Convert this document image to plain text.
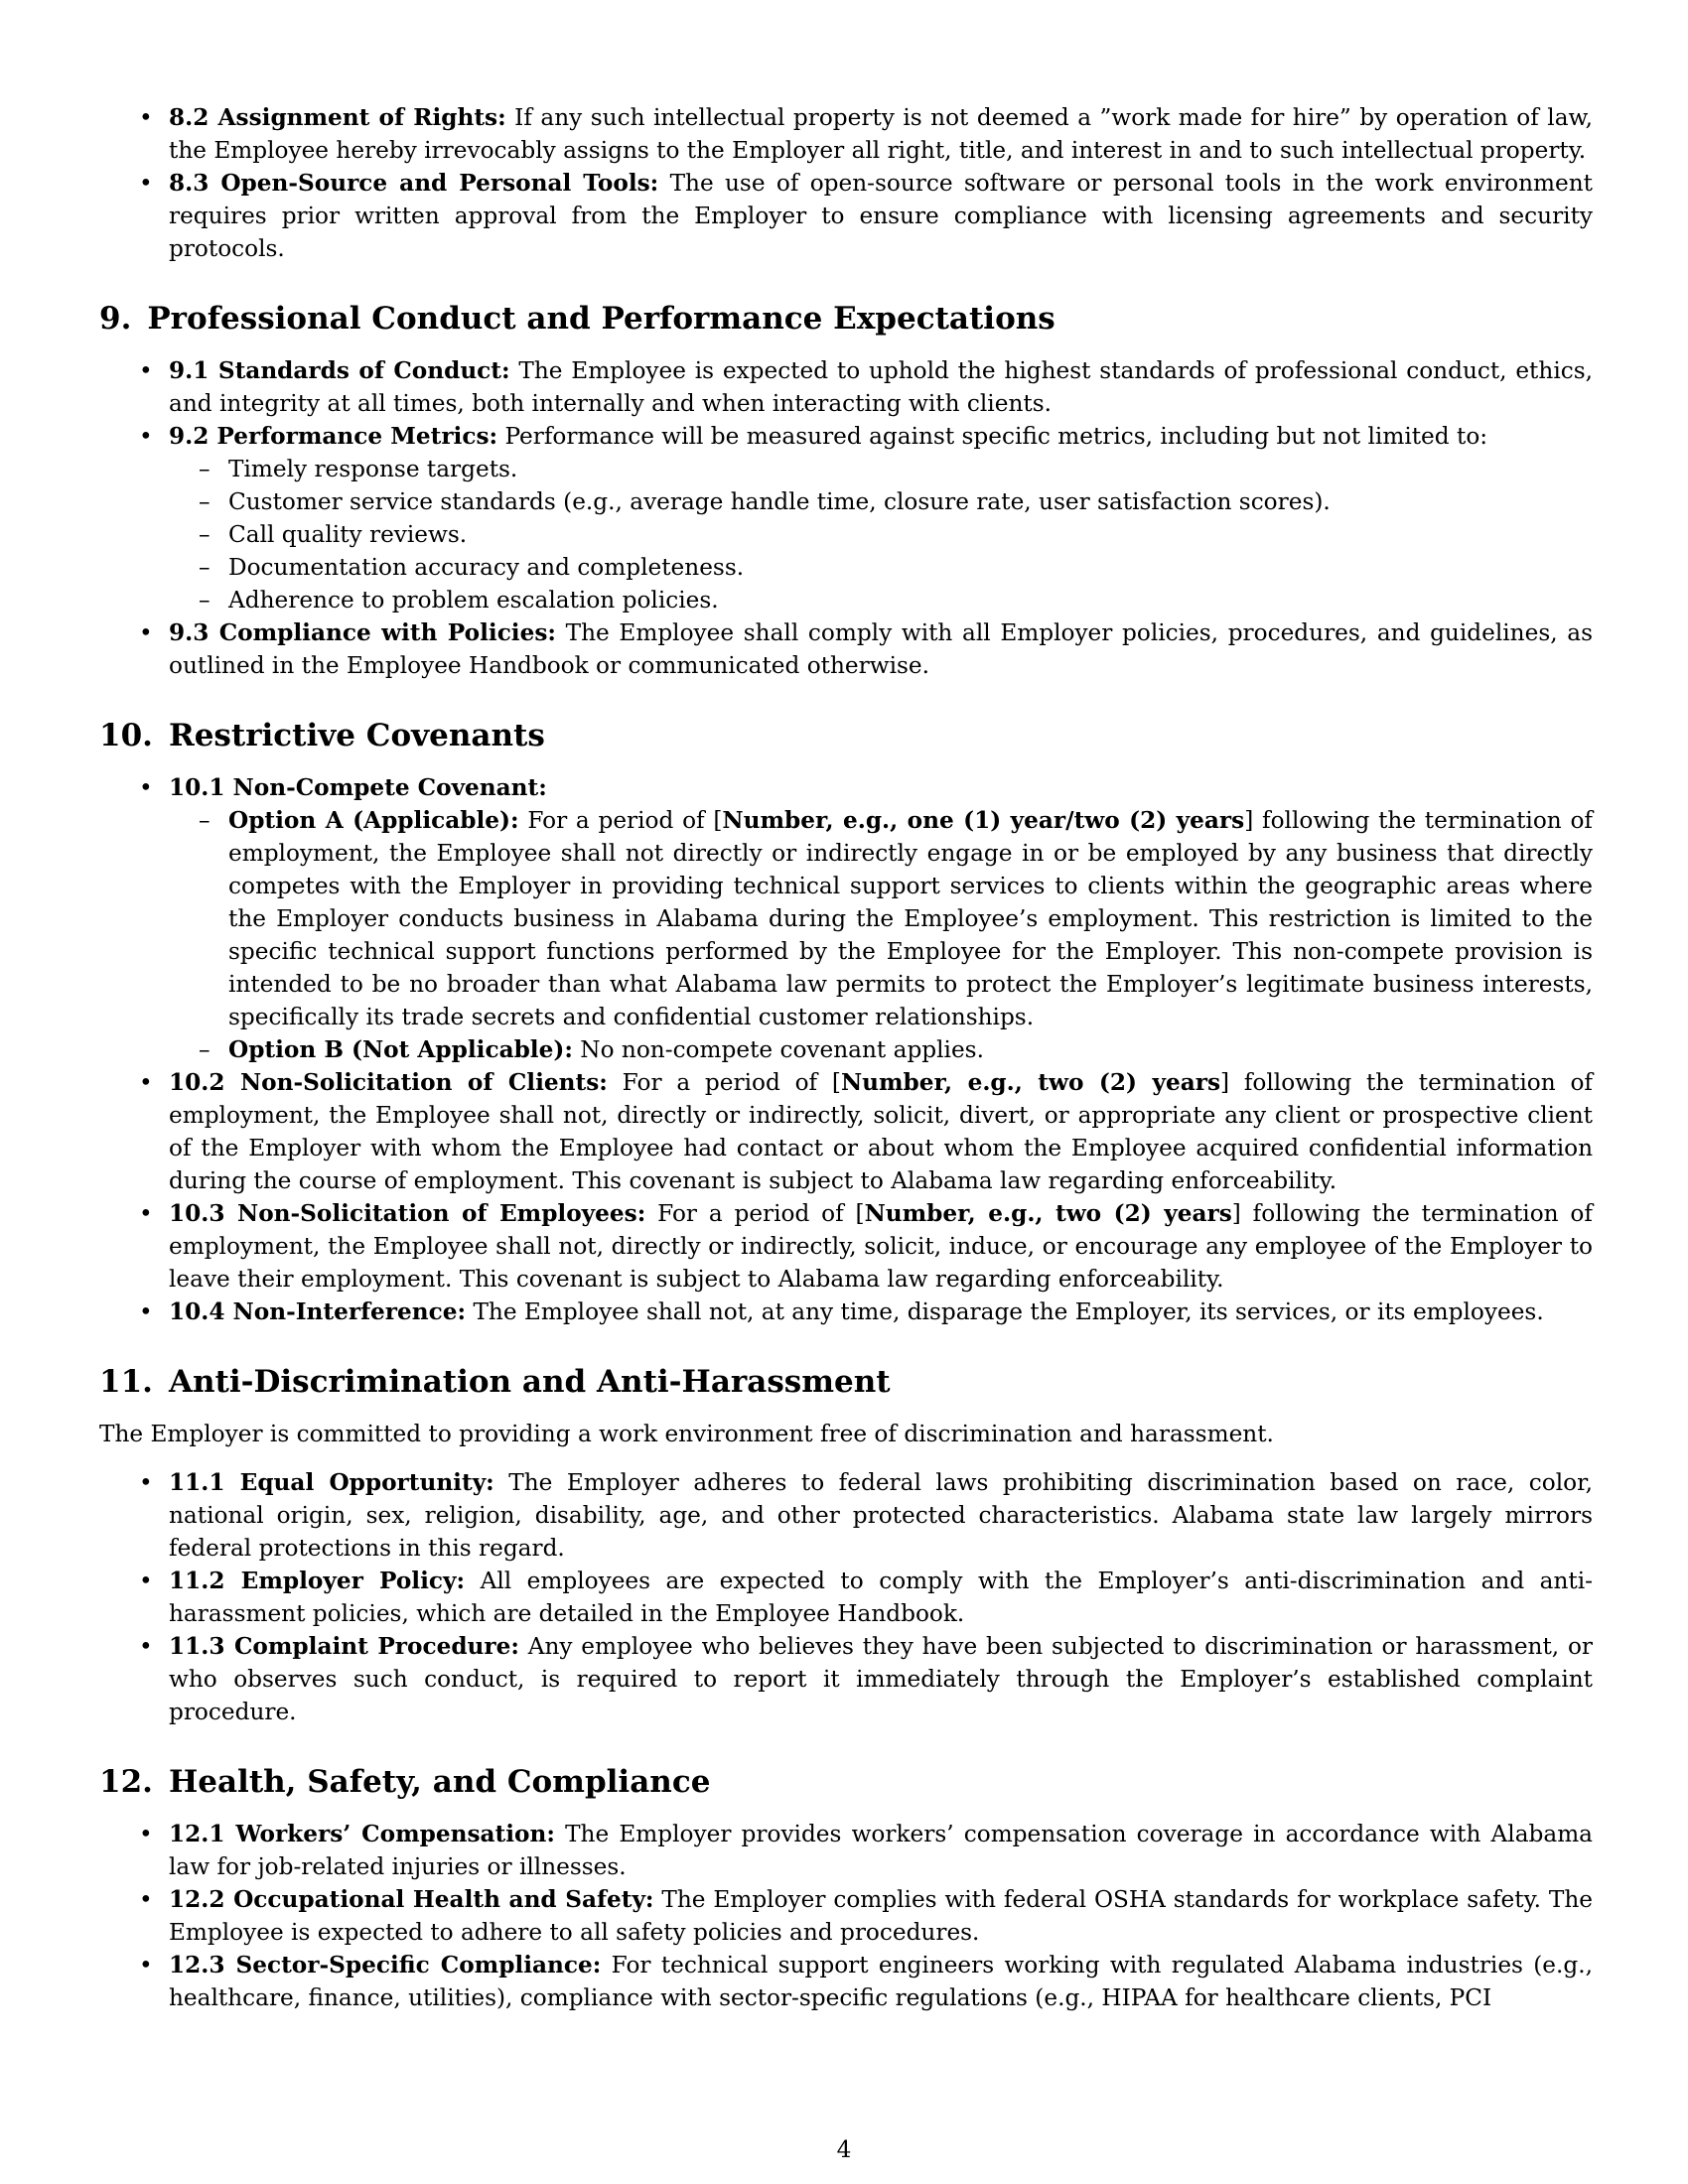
• 8.2 Assignment of Rights: If any such intellectual property is not deemed a ”work made for hire” by operation of law, the Employee hereby irrevocably assigns to the Employer all right, title, and interest in and to such intellectual property.
• 8.3 Open-Source and Personal Tools: The use of open-source software or personal tools in the work environment requires prior written approval from the Employer to ensure compliance with licensing agreements and security protocols.
9. Professional Conduct and Performance Expectations
• 9.1 Standards of Conduct: The Employee is expected to uphold the highest standards of professional conduct, ethics, and integrity at all times, both internally and when interacting with clients.
• 9.2 Performance Metrics: Performance will be measured against specific metrics, including but not limited to:
– Timely response targets.
– Customer service standards (e.g., average handle time, closure rate, user satisfaction scores).
– Call quality reviews.
– Documentation accuracy and completeness.
– Adherence to problem escalation policies.
• 9.3 Compliance with Policies: The Employee shall comply with all Employer policies, procedures, and guidelines, as outlined in the Employee Handbook or communicated otherwise.
10. Restrictive Covenants
• 10.1 Non-Compete Covenant:
– Option A (Applicable): For a period of [Number, e.g., one (1) year/two (2) years] following the termination of employment, the Employee shall not directly or indirectly engage in or be employed by any business that directly competes with the Employer in providing technical support services to clients within the geographic areas where the Employer conducts business in Alabama during the Employee’s employment. This restriction is limited to the specific technical support functions performed by the Employee for the Employer. This non-compete provision is intended to be no broader than what Alabama law permits to protect the Employer’s legitimate business interests, specifically its trade secrets and confidential customer relationships.
– Option B (Not Applicable): No non-compete covenant applies.
• 10.2 Non-Solicitation of Clients: For a period of [Number, e.g., two (2) years] following the termination of employment, the Employee shall not, directly or indirectly, solicit, divert, or appropriate any client or prospective client of the Employer with whom the Employee had contact or about whom the Employee acquired confidential information during the course of employment. This covenant is subject to Alabama law regarding enforceability.
• 10.3 Non-Solicitation of Employees: For a period of [Number, e.g., two (2) years] following the termination of employment, the Employee shall not, directly or indirectly, solicit, induce, or encourage any employee of the Employer to leave their employment. This covenant is subject to Alabama law regarding enforceability.
• 10.4 Non-Interference: The Employee shall not, at any time, disparage the Employer, its services, or its employees.
11. Anti-Discrimination and Anti-Harassment

The Employer is committed to providing a work environment free of discrimination and harassment.

• 11.1 Equal Opportunity: The Employer adheres to federal laws prohibiting discrimination based on race, color, national origin, sex, religion, disability, age, and other protected characteristics. Alabama state law largely mirrors federal protections in this regard.
• 11.2 Employer Policy: All employees are expected to comply with the Employer’s anti-discrimination and anti-harassment policies, which are detailed in the Employee Handbook.
• 11.3 Complaint Procedure: Any employee who believes they have been subjected to discrimination or harassment, or who observes such conduct, is required to report it immediately through the Employer’s established complaint procedure.
12. Health, Safety, and Compliance
• 12.1 Workers’ Compensation: The Employer provides workers’ compensation coverage in accordance with Alabama law for job-related injuries or illnesses.
• 12.2 Occupational Health and Safety: The Employer complies with federal OSHA standards for workplace safety. The Employee is expected to adhere to all safety policies and procedures.
• 12.3 Sector-Specific Compliance: For technical support engineers working with regulated Alabama industries (e.g., healthcare, finance, utilities), compliance with sector-specific regulations (e.g., HIPAA for healthcare clients, PCI
4
